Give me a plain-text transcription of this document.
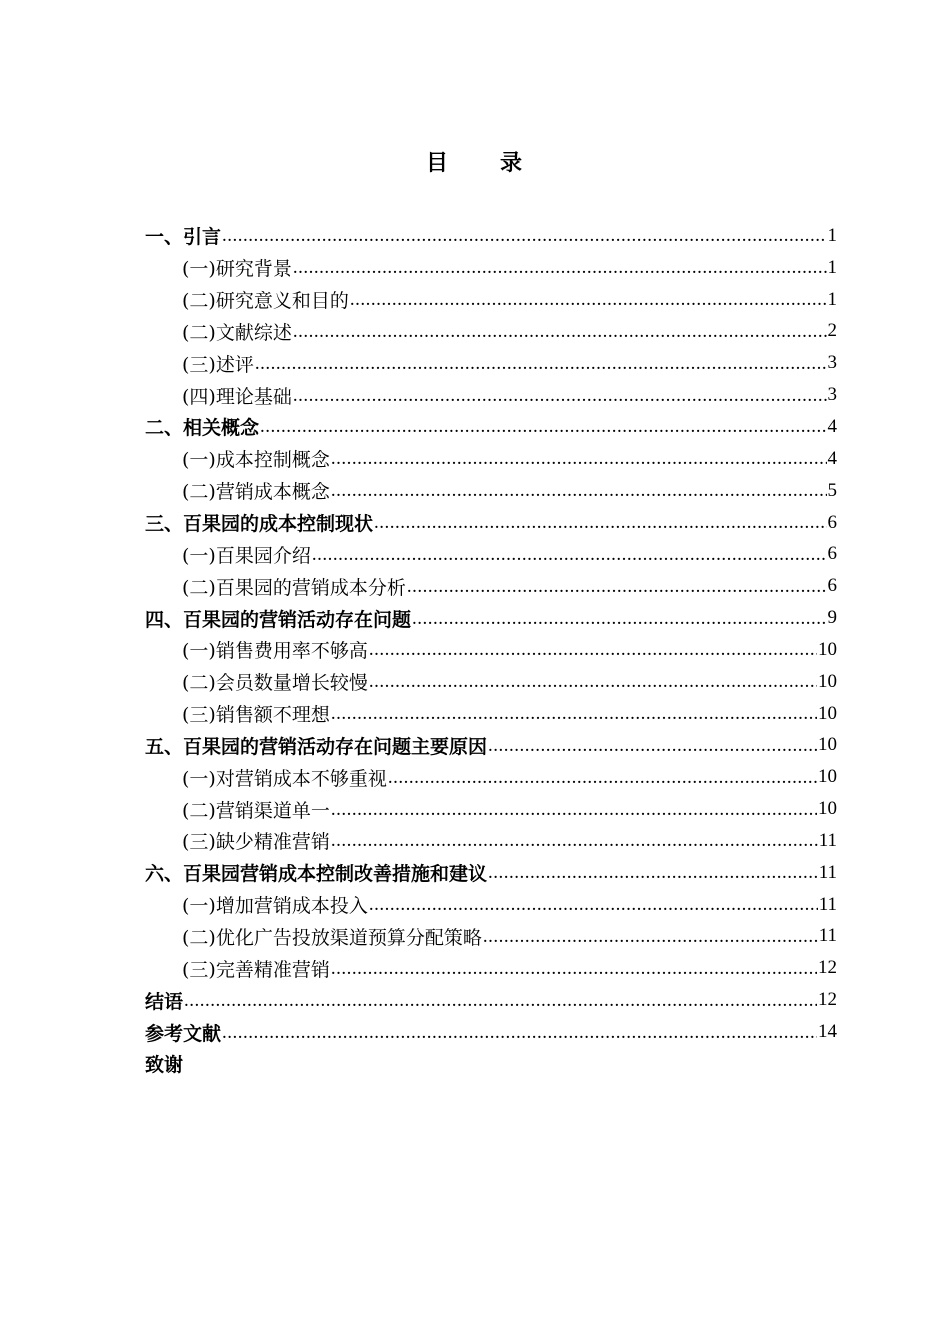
目 录
一、 引言 .....	1
(一) 研究背景 .....	1
(二) 研究意义和目的 .....	1
(二) 文献综述 .....	2
(三) 述评 .....	3
(四) 理论基础 .....	3
二、 相关概念 .....	4
(一) 成本控制概念 .....	4
(二) 营销成本概念 .....	5
三、 百果园的成本控制现状 .....	6
(一) 百果园介绍 .....	6
(二) 百果园的营销成本分析 .....	6
四、 百果园的营销活动存在问题 .....	9
(一) 销售费用率不够高 .....	10
(二) 会员数量增长较慢 .....	10
(三) 销售额不理想 .....	10
五、 百果园的营销活动存在问题主要原因 .....	10
(一) 对营销成本不够重视 .....	10
(二) 营销渠道单一 .....	10
(三) 缺少精准营销 .....	11
六、 百果园营销成本控制改善措施和建议 .....	11
(一) 增加营销成本投入 .....	11
(二) 优化广告投放渠道预算分配策略 .....	11
(三) 完善精准营销 .....	12
结语 .....	12
参考文献 .....	14
致谢
